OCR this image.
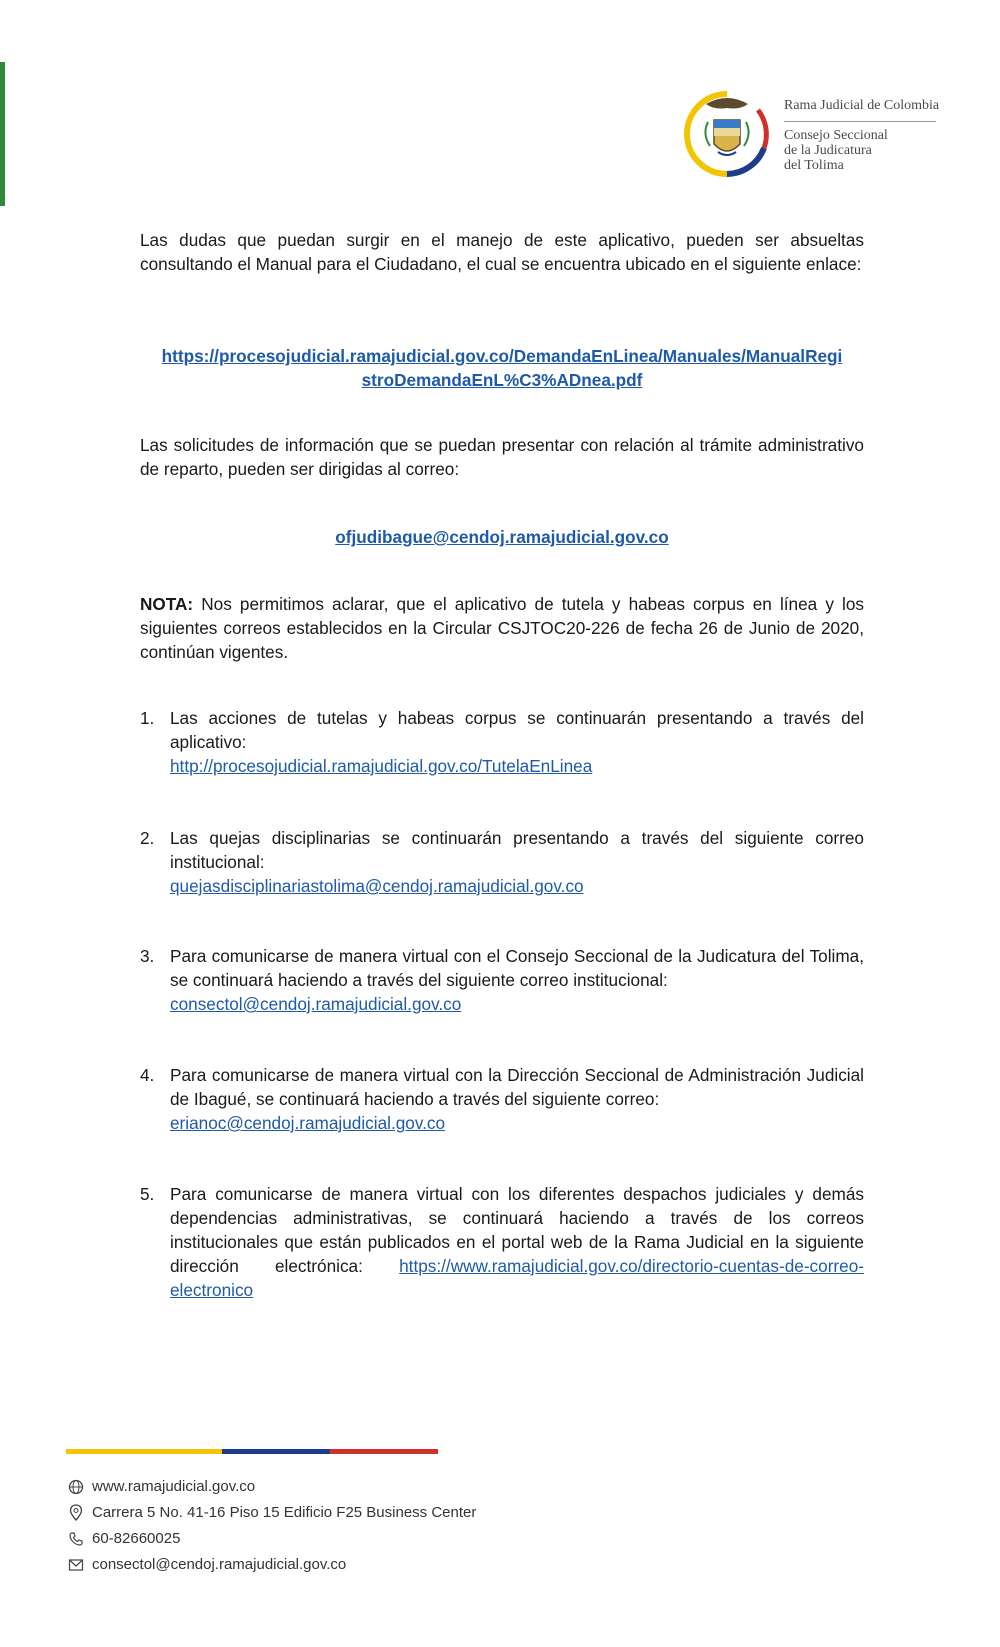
Rama Judicial de Colombia
Consejo Seccional
de la Judicatura
del Tolima
Las dudas que puedan surgir en el manejo de este aplicativo, pueden ser absueltas consultando el Manual para el Ciudadano, el cual se encuentra ubicado en el siguiente enlace:
https://procesojudicial.ramajudicial.gov.co/DemandaEnLinea/Manuales/ManualRegi
stroDemandaEnL%C3%ADnea.pdf
Las solicitudes de información que se puedan presentar con relación al trámite administrativo de reparto, pueden ser dirigidas al correo:
ofjudibague@cendoj.ramajudicial.gov.co
NOTA: Nos permitimos aclarar, que el aplicativo de tutela y habeas corpus en línea y los siguientes correos establecidos en la Circular CSJTOC20-226 de fecha 26 de Junio de 2020, continúan vigentes.
1. Las acciones de tutelas y habeas corpus se continuarán presentando a través del aplicativo:
http://procesojudicial.ramajudicial.gov.co/TutelaEnLinea
2. Las quejas disciplinarias se continuarán presentando a través del siguiente correo institucional:
quejasdisciplinariastolima@cendoj.ramajudicial.gov.co
3. Para comunicarse de manera virtual con el Consejo Seccional de la Judicatura del Tolima, se continuará haciendo a través del siguiente correo institucional:
consectol@cendoj.ramajudicial.gov.co
4. Para comunicarse de manera virtual con la Dirección Seccional de Administración Judicial de Ibagué, se continuará haciendo a través del siguiente correo:
erianoc@cendoj.ramajudicial.gov.co
5. Para comunicarse de manera virtual con los diferentes despachos judiciales y demás dependencias administrativas, se continuará haciendo a través de los correos institucionales que están publicados en el portal web de la Rama Judicial en la siguiente dirección electrónica: https://www.ramajudicial.gov.co/directorio-cuentas-de-correo-electronico
www.ramajudicial.gov.co
Carrera 5 No. 41-16 Piso 15 Edificio F25 Business Center
60-82660025
consectol@cendoj.ramajudicial.gov.co
